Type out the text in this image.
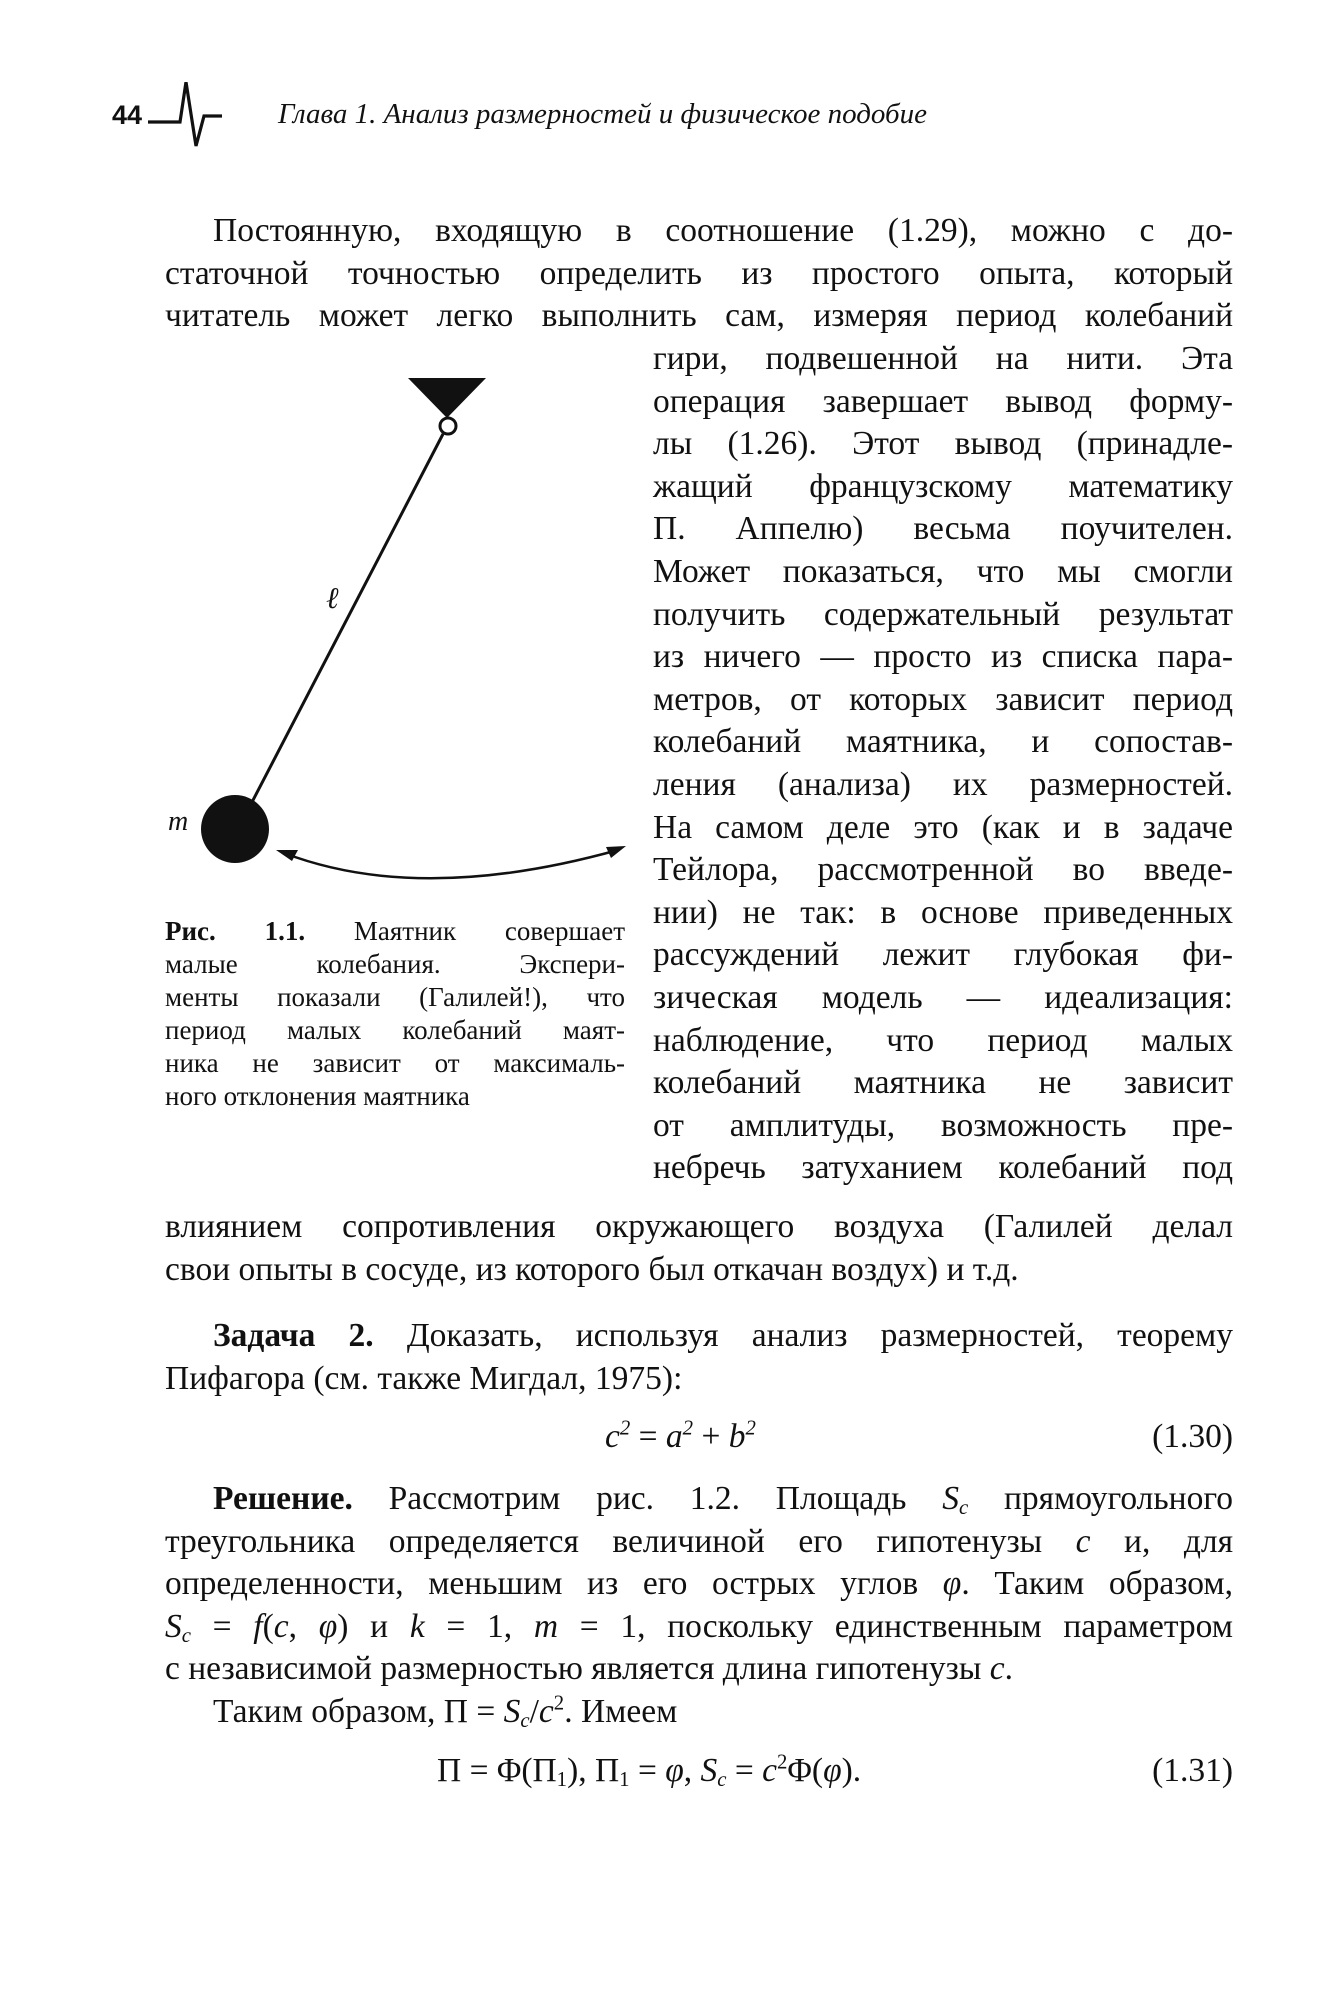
44	Глава 1. Анализ размерностей и физическое подобие
Постоянную, входящую в соотношение (1.29), можно с до-
статочной точностью определить из простого опыта, который
читатель может легко выполнить сам, измеряя период колебаний
гири, подвешенной на нити. Эта
операция завершает вывод форму-
лы (1.26). Этот вывод (принадле-
жащий французскому математику
П. Аппелю) весьма поучителен.
Может показаться, что мы смогли
получить содержательный результат
из ничего — просто из списка пара-
метров, от которых зависит период
колебаний маятника, и сопостав-
ления (анализа) их размерностей.
На самом деле это (как и в задаче
Тейлора, рассмотренной во введе-
нии) не так: в основе приведенных
рассуждений лежит глубокая фи-
зическая модель — идеализация:
наблюдение, что период малых
колебаний маятника не зависит
от амплитуды, возможность пре-
небречь затуханием колебаний под
влиянием сопротивления окружающего воздуха (Галилей делал
свои опыты в сосуде, из которого был откачан воздух) и т.д.
ℓ
m
Рис. 1.1. Маятник совершает
малые колебания. Экспери-
менты показали (Галилей!), что
период малых колебаний маят-
ника не зависит от максималь-
ного отклонения маятника
Задача 2. Доказать, используя анализ размерностей, теорему
Пифагора (см. также Мигдал, 1975):
$c^2 = a^2 + b^2$	(1.30)
Решение. Рассмотрим рис. 1.2. Площадь $S_c$ прямоугольного
треугольника определяется величиной его гипотенузы c и, для
определенности, меньшим из его острых углов φ. Таким образом,
$S_c = f(c$, φ) и k = 1, m = 1, поскольку единственным параметром
с независимой размерностью является длина гипотенузы c.
Таким образом, $\Pi = S_c/c^2$. Имеем
$\Pi = \Phi(\Pi_1)$, $\Pi_1 = \varphi$, $S_c = c^2\Phi(\varphi)$.	(1.31)
